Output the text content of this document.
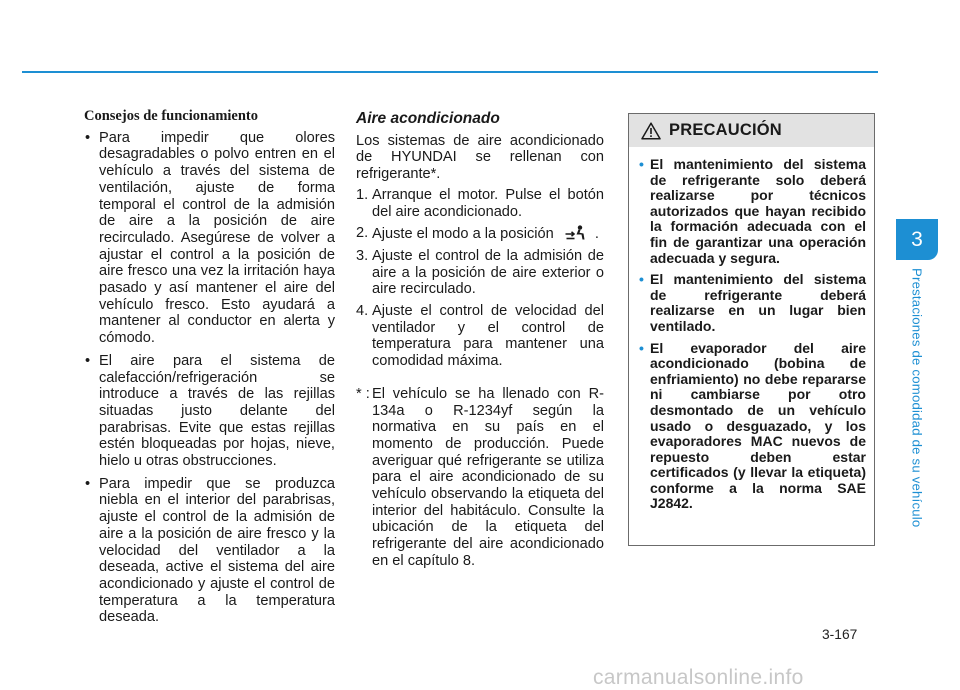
Consejos de funcionamiento
• Para impedir que olores desagradables o polvo entren en el vehículo a través del sistema de ventilación, ajuste de forma temporal el control de la admisión de aire a la posición de aire recirculado. Asegúrese de volver a ajustar el control a la posición de aire fresco una vez la irritación haya pasado y así mantener el aire del vehículo fresco. Esto ayudará a mantener al conductor en alerta y cómodo.
• El aire para el sistema de calefacción/refrigeración se introduce a través de las rejillas situadas justo delante del parabrisas. Evite que estas rejillas estén bloqueadas por hojas, nieve, hielo u otras obstrucciones.
• Para impedir que se produzca niebla en el interior del parabrisas, ajuste el control de la admisión de aire a la posición de aire fresco y la velocidad del ventilador a la deseada, active el sistema del aire acondicionado y ajuste el control de temperatura a la temperatura deseada.
Aire acondicionado
Los sistemas de aire acondicionado de HYUNDAI se rellenan con refrigerante*.
1. Arranque el motor. Pulse el botón del aire acondicionado.
2. Ajuste el modo a la posición	.
3. Ajuste el control de la admisión de aire a la posición de aire exterior o aire recirculado.
4. Ajuste el control de velocidad del ventilador y el control de temperatura para mantener una comodidad máxima.
* : El vehículo se ha llenado con R-134a o R-1234yf según la normativa en su país en el momento de producción. Puede averiguar qué refrigerante se utiliza para el aire acondicionado de su vehículo observando la etiqueta del interior del habitáculo. Consulte la ubicación de la etiqueta del refrigerante del aire acondicionado en el capítulo 8.
PRECAUCIÓN
• El mantenimiento del sistema de refrigerante solo deberá realizarse por técnicos autorizados que hayan recibido la formación adecuada con el fin de garantizar una operación adecuada y segura.
• El mantenimiento del sistema de refrigerante deberá realizarse en un lugar bien ventilado.
• El evaporador del aire acondicionado (bobina de enfriamiento) no debe repararse ni cambiarse por otro desmontado de un vehículo usado o desguazado, y los evaporadores MAC nuevos de repuesto deben estar certificados (y llevar la etiqueta) conforme a la norma SAE J2842.
3
Prestaciones de comodidad de su vehículo
3-167
carmanualsonline.info
